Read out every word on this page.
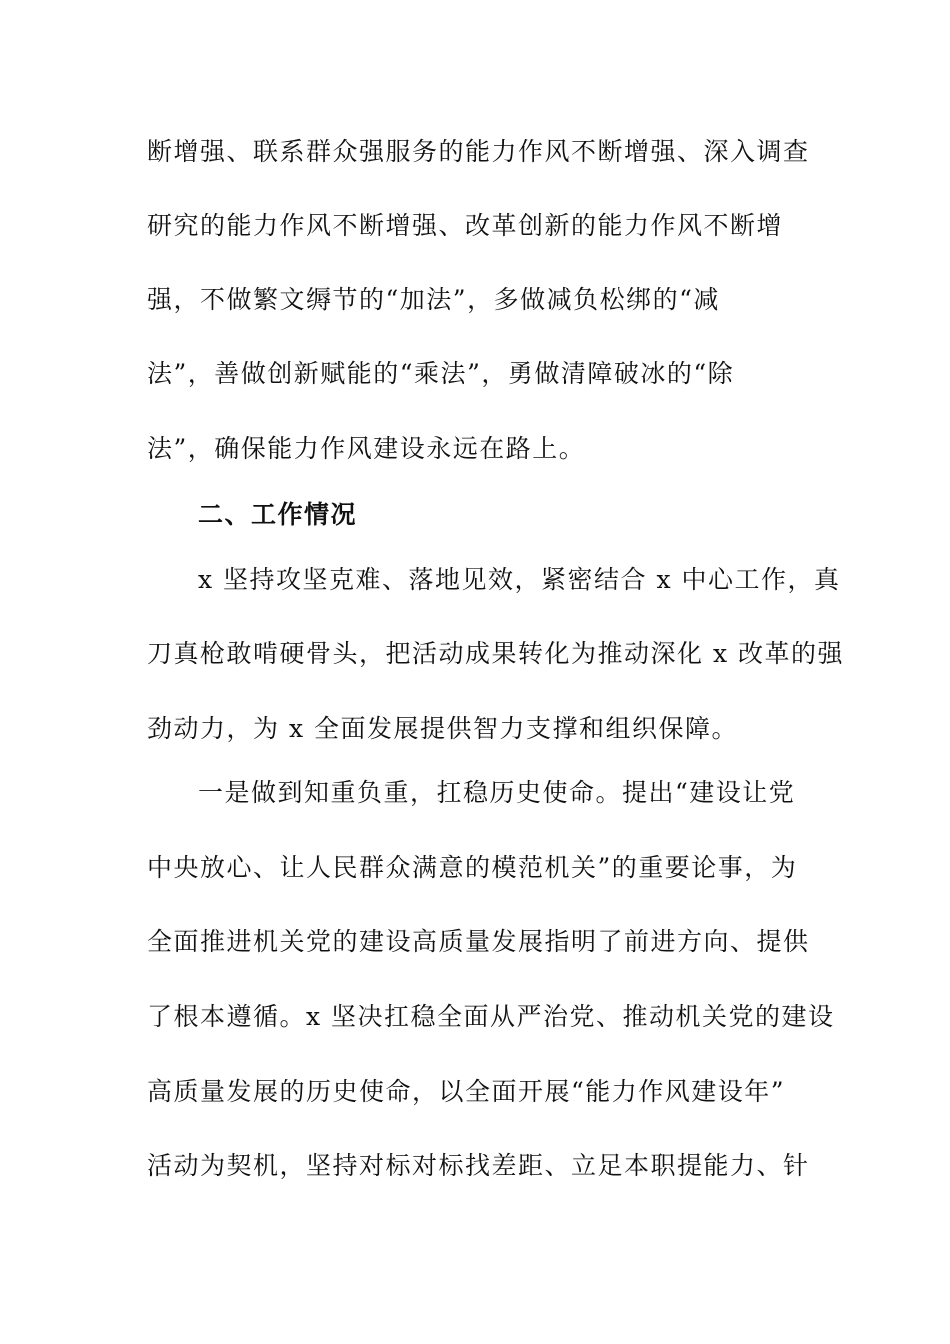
断增强、联系群众强服务的能力作风不断增强、深入调查
研究的能力作风不断增强、改革创新的能力作风不断增
强，不做繁文缛节的“加法”，多做减负松绑的“减
法”，善做创新赋能的“乘法”，勇做清障破冰的“除
法”，确保能力作风建设永远在路上。
二、工作情况
x 坚持攻坚克难、落地见效，紧密结合 x 中心工作，真
刀真枪敢啃硬骨头，把活动成果转化为推动深化 x 改革的强
劲动力，为 x 全面发展提供智力支撑和组织保障。
一是做到知重负重，扛稳历史使命。提出“建设让党
中央放心、让人民群众满意的模范机关”的重要论事，为
全面推进机关党的建设高质量发展指明了前进方向、提供
了根本遵循。x 坚决扛稳全面从严治党、推动机关党的建设
高质量发展的历史使命，以全面开展“能力作风建设年”
活动为契机，坚持对标对标找差距、立足本职提能力、针
